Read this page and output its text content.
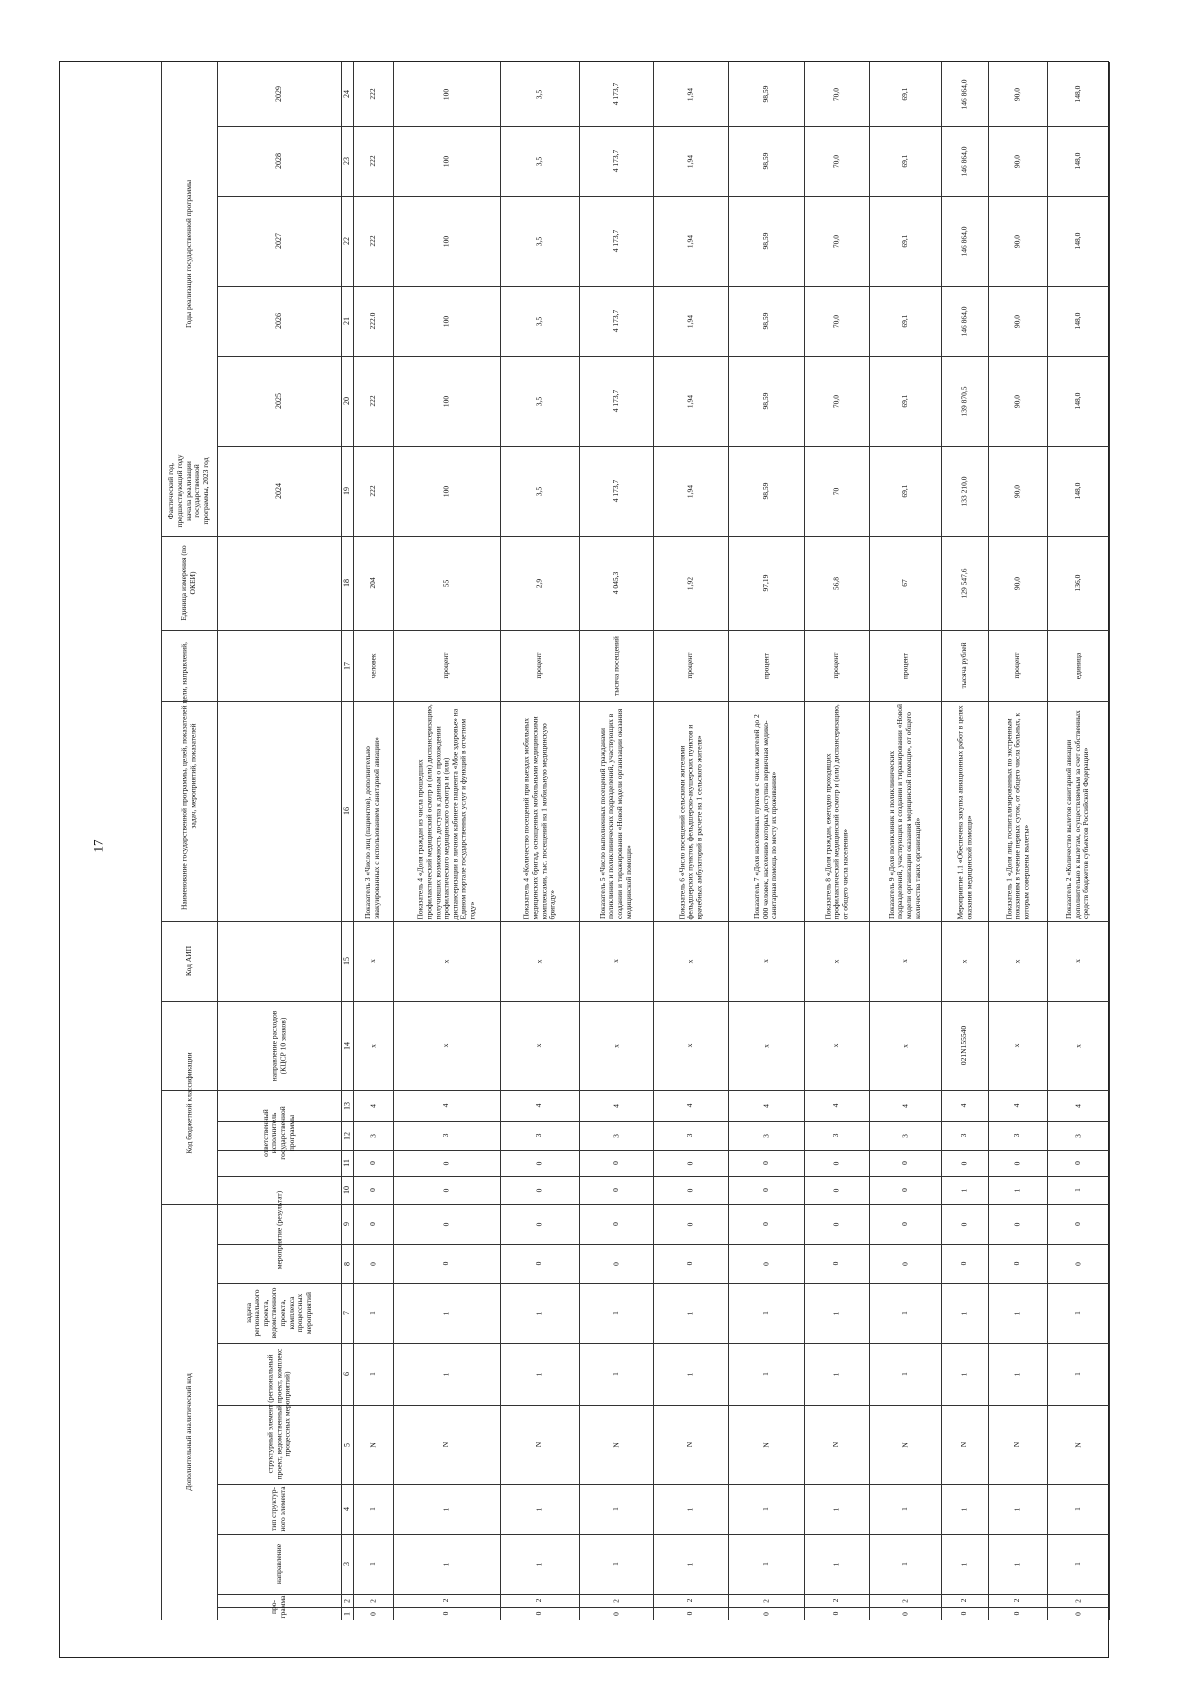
17
Дополнительный аналитический код
Код бюджетной классификации
Код АИП
Наименование государственной программы, целей, показателей цели, направлений, задач, мероприятий, показателей
Единица измерения (по ОКЕИ)
Фактический год, предшествующий году начала реализации государственной программы, 2023 год
Годы реализации государственной программы
про-грамма
направление
тип структур-ного элемента
структурный элемент (региональный проект, ведомственный проект, комплекс процессных мероприятий)
задача регионального проекта, ведомственного проекта, комплекса процессных мероприятий
мероприятие (результат)
ответственный исполнитель государственной программы
направление расходов (КЦСР 10 знаков)
2024
2025
2026
2027
2028
2029
1
2
3
4
5
6
7
8
9
10
11
12
13
14
15
16
17
18
19
20
21
22
23
24
0
2
1
1
N
1
1
0
0
0
0
3
4
x
x
Показатель 3 «Число лиц (пациентов), дополнительно эвакуированных с использованием санитарной авиации»
человек
204
222
222
222.0
222
222
222
0
2
1
1
N
1
1
0
0
0
0
3
4
x
x
Показатель 4 «Доля граждан из числа прошедших профилактический медицинский осмотр и (или) диспансеризацию, получивших возможность доступа к данным о прохождении профилактического медицинского осмотра и (или) диспансеризации в личном кабинете пациента «Мое здоровье» на Едином портале государственных услуг и функций в отчетном году»
процент
55
100
100
100
100
100
100
0
2
1
1
N
1
1
0
0
0
0
3
4
x
x
Показатель 4 «Количество посещений при выездах мобильных медицинских бригад, оснащенных мобильными медицинскими комплексами, тыс. посещений на 1 мобильную медицинскую бригаду»
процент
2,9
3,5
3,5
3,5
3,5
3,5
3,5
0
2
1
1
N
1
1
0
0
0
0
3
4
x
x
Показатель 5 «Число выполненных посещений гражданами поликлиник и поликлинических подразделений, участвующих в создании и тиражировании «Новой модели организации оказания медицинской помощи»
тысяча посещений
4 045,3
4 173,7
4 173,7
4 173,7
4 173,7
4 173,7
4 173,7
0
2
1
1
N
1
1
0
0
0
0
3
4
x
x
Показатель 6 «Число посещений сельскими жителями фельдшерских пунктов, фельдшерско-акушерских пунктов и врачебных амбулаторий в расчете на 1 сельского жителя»
процент
1,92
1,94
1,94
1,94
1,94
1,94
1,94
0
2
1
1
N
1
1
0
0
0
0
3
4
x
x
Показатель 7 «Доля населенных пунктов с числом жителей до 2 000 человек, населению которых доступна первичная медико-санитарная помощь по месту их проживания»
процент
97,19
98,59
98,59
98,59
98,59
98,59
98,59
0
2
1
1
N
1
1
0
0
0
0
3
4
x
x
Показатель 8 «Доля граждан, ежегодно проходящих профилактический медицинский осмотр и (или) диспансеризацию, от общего числа населения»
процент
56,8
70
70,0
70,0
70,0
70,0
70,0
0
2
1
1
N
1
1
0
0
0
0
3
4
x
x
Показатель 9 «Доля поликлиник и поликлинических подразделений, участвующих в создании и тиражировании «Новой модели организации оказания медицинской помощи», от общего количества таких организаций»
процент
67
69,1
69,1
69,1
69,1
69,1
69,1
0
2
1
1
N
1
1
0
0
1
0
3
4
021N155540
x
Мероприятие 1.1 «Обеспечена закупка авиационных работ в целях оказания медицинской помощи»
тысяча рублей
129 547,6
133 210,0
139 870,5
146 864,0
146 864,0
146 864,0
146 864,0
0
2
1
1
N
1
1
0
0
1
0
3
4
x
x
Показатель 1 «Доля лиц, госпитализированных по экстренным показаниям в течение первых суток, от общего числа больных, к которым совершены вылеты»
процент
90,0
90,0
90,0
90,0
90,0
90,0
90,0
0
2
1
1
N
1
1
0
0
1
0
3
4
x
x
Показатель 2 «Количество вылетов санитарной авиации дополнительно к вылетам, осуществляемым за счет собственных средств бюджетов субъектов Российской Федерации»
единица
136,0
148,0
148,0
148,0
148,0
148,0
148,0
